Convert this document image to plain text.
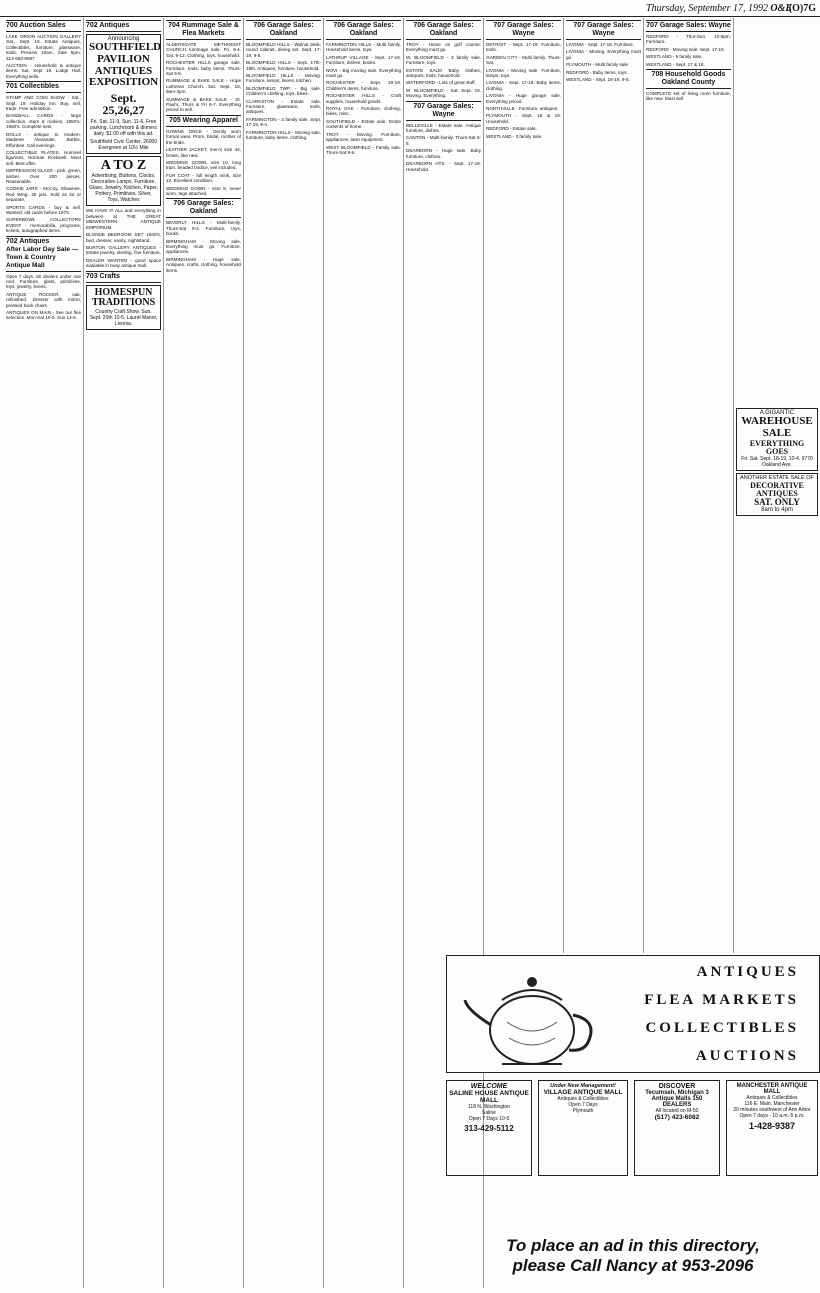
Thursday, September 17, 1992 O&E
(O)7G
700 Auction Sales
LAKE ORION AUCTION GALLERY Sat., Sept. 19. Estate Antiques, Collectibles, furniture, glassware, tools. Preview 10am, Sale 5pm. 313-693-8687
AUCTION - Household & antique items. Sat. Sept 19. Lodge Hall. Everything sells.
701 Collectibles
STAMP AND COIN SHOW - Sat., Sept. 19. Holiday Inn. Buy, sell, trade. Free admission.
BASEBALL CARDS - large collection, stars & rookies, 1950's-1980's. Complete sets.
DOLLS - antique to modern. Madame Alexander, Barbie, Effanbee. Call evenings.
COLLECTIBLE PLATES, Hummel figurines, Norman Rockwell. Must sell. Best offer.
DEPRESSION GLASS - pink, green, amber. Over 200 pieces. Reasonable.
COOKIE JARS - McCoy, Shawnee, Red Wing. 25 jars. Sold as lot or separate.
SPORTS CARDS - buy & sell. Wanted: old cards before 1970.
SUPERBOWL COLLECTORS EVENT - memorabilia, programs, tickets, autographed items.
702 Antiques
After Labor Day Sale — Town & Country Antique Mall
Open 7 days. 60 dealers under one roof. Furniture, glass, primitives, toys, jewelry, linens.
ANTIQUE ROCKER, oak, refinished. Dresser with mirror, pressed back chairs.
ANTIQUES ON MAIN - See our fine selection. Mon-Sat 10-5. Sun 12-5.
702 Antiques
Announcing
SOUTHFIELD PAVILION ANTIQUES EXPOSITION
Sept. 25,26,27
Fri. Sat. 11-9, Sun. 11-6. Free parking. Lunchroom & dinners daily. $1.00 off with this ad.
Southfield Civic Center, 26000 Evergreen at 10½ Mile
A TO Z
Advertising, Buttons, Clocks, Decorative Lamps, Furniture, Glass, Jewelry, Kitchen, Paper, Pottery, Primitives, Silver, Toys, Watches
WE HAVE IT ALL and everything in between at THE GREAT MIDWESTERN ANTIQUE EMPORIUM.
BLONDE BEDROOM SET 1940's, bed, dresser, vanity, nightstand.
BURTON GALLERY ANTIQUES - Estate jewelry, sterling, fine furniture.
DEALER WANTED - good space available in busy antique mall.
703 Crafts
HOMESPUN TRADITIONS
Country Craft Show. Sun. Sept. 20th 10-5. Laurel Manor, Livonia.
704 Rummage Sale & Flea Markets
ALDERSGATE METHODIST CHURCH rummage sale. Fri. 9-4. Sat. 9-12. Clothing, toys, household.
ROCHESTER HILLS garage sale. Furniture, tools, baby items. Thurs-Sat 9-5.
RUMMAGE & BAKE SALE - Hope Lutheran Church. Sat. Sept. 19, 9am-3pm.
SUMMAGE & BAKE SALE - St. Paul's. Thurs & Fri 9-7. Everything priced to sell.
705 Wearing Apparel
GOWNS ONCE - Gently worn formal wear. Prom, bridal, mother of the bride.
LEATHER JACKET, men's size 44, brown, like new.
WEDDING GOWN, size 10, long train, beaded bodice, veil included.
FUR COAT - full length mink, size 12. Excellent condition.
WEDDING GOWN - Size 8, never worn, tags attached.
706 Garage Sales: Oakland
BEVERLY HILLS - Multi-family. Thurs-Sat 9-4. Furniture, toys, books.
BIRMINGHAM - Moving sale. Everything must go. Furniture, appliances.
BIRMINGHAM - Huge sale. Antiques, crafts, clothing, household items.
706 Garage Sales: Oakland
BLOOMFIELD HILLS - Walnut desk, round cabinet, dining set. Sept. 17-19, 9-5.
BLOOMFIELD HILLS - Sept. 17th-19th. Antiques, furniture, household.
BLOOMFIELD HILLS - Moving. Furniture, lamps, linens, kitchen.
BLOOMFIELD TWP. - Big sale. Children's clothing, toys, bikes.
CLARKSTON - Estate sale. Furniture, glassware, tools, antiques.
FARMINGTON - 3 family sale. Sept. 17-19, 9-4.
FARMINGTON HILLS - Moving sale, furniture, baby items, clothing.
706 Garage Sales: Oakland
FARMINGTON HILLS - Multi family. Household items, toys.
LATHRUP VILLAGE - Sept. 17-19. Furniture, dishes, books.
NOVI - Big moving sale. Everything must go.
ROCHESTER - Sept. 18-19. Children's items, furniture.
ROCHESTER HILLS - Craft supplies, household goods.
ROYAL OAK - Furniture, clothing, bikes, misc.
SOUTHFIELD - Estate sale. Entire contents of home.
TROY - Moving. Furniture, appliances, lawn equipment.
WEST BLOOMFIELD - Family sale. Thurs-Sat 9-5.
706 Garage Sales: Oakland
TROY - Home on golf course. Everything must go.
W. BLOOMFIELD - 3 family sale. Furniture, toys.
ESTATE SALE! Baby clothes, antiques, tools, household.
WATERFORD - Lots of great stuff.
W. BLOOMFIELD - Sat. Sept. 19. Moving. Everything.
707 Garage Sales: Wayne
BELLEVILLE - Estate sale. Antique furniture, dishes.
CANTON - Multi-family. Thurs-Sat 9-5.
DEARBORN - Huge sale. Baby furniture, clothes.
DEARBORN HTS. - Sept. 17-19. Household.
707 Garage Sales: Wayne
DETROIT - Sept. 17-19. Furniture, tools.
GARDEN CITY - Multi family. Thurs-Sat.
LIVONIA - Moving sale. Furniture, lamps, toys.
LIVONIA - Sept. 17-19. Baby items, clothing.
LIVONIA - Huge garage sale. Everything priced.
NORTHVILLE - Furniture, antiques.
PLYMOUTH - Sept. 18 & 19. Household.
REDFORD - Estate sale.
WESTLAND - 3 family sale.
707 Garage Sales: Wayne
LIVONIA - Sept. 17-18. Furniture.
LIVONIA - Moving. Everything must go.
PLYMOUTH - Multi family sale.
REDFORD - Baby items, toys.
WESTLAND - Sept. 18-19, 9-5.
707 Garage Sales: Wayne
REDFORD - Thur-Sun. 10-6pm. Furniture.
REDFORD - Moving sale. Sept. 17-19.
WESTLAND - 5 family sale.
WESTLAND - Sept. 17 & 18.
708 Household Goods Oakland County
COMPLETE set of living room furniture, like new. Must sell.
A GIGANTIC
WAREHOUSE SALE
EVERYTHING GOES
Fri. Sat. Sept. 18-19, 10-4. 9770 Oakland Ave.
ANOTHER ESTATE SALE OF
DECORATIVE ANTIQUES
SAT. ONLY
8am to 4pm
ANTIQUES
FLEA MARKETS
COLLECTIBLES
AUCTIONS
WELCOME
SALINE HOUSE ANTIQUE MALL
118 N. Washington
Saline
Open 7 Days 10-5
313-429-5112
Under New Management!
VILLAGE ANTIQUE MALL
Antiques & Collectibles
Open 7 Days
Plymouth
DISCOVER
Tecumseh, Michigan 3 Antique Malls 150 DEALERS
All located on M-50
(517) 423-6082
MANCHESTER ANTIQUE MALL
Antiques & Collectibles
116 E. Main, Manchester
20 minutes southwest of Ann Arbor
Open 7 days - 10 a.m.-5 p.m.
1-428-9387
To place an ad in this directory,
please Call Nancy at 953-2096
